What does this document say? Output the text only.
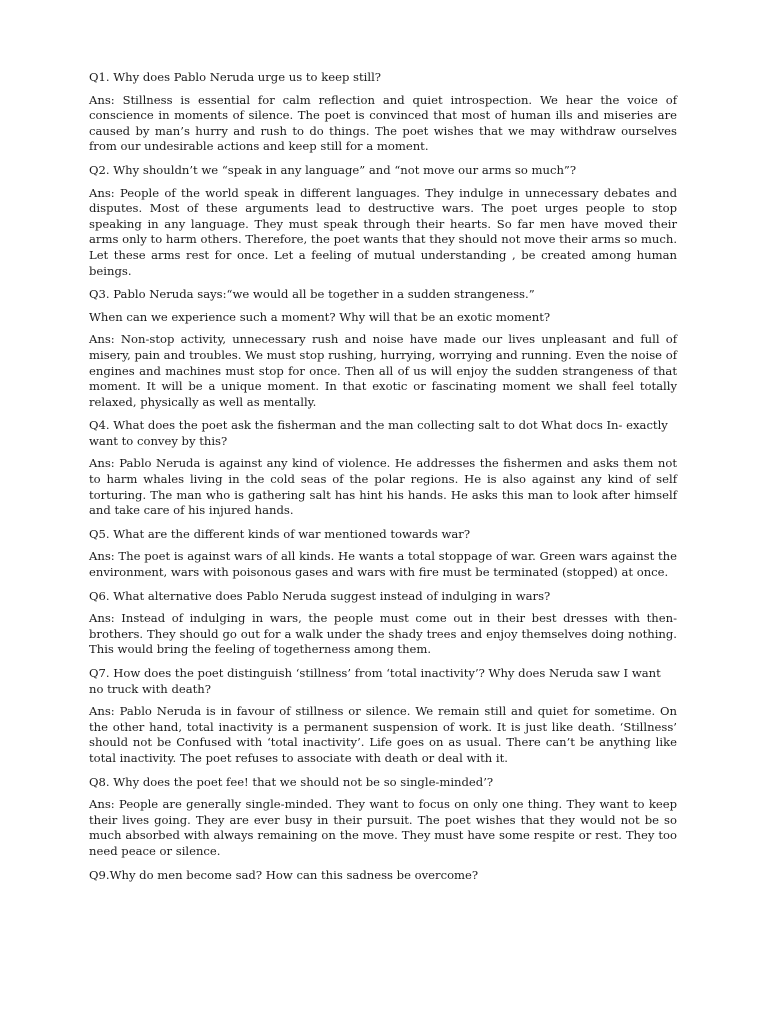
Q1. Why does Pablo Neruda urge us to keep still?

Ans: Stillness is essential for calm reflection and quiet introspection. We hear the voice of conscience in moments of silence. The poet is convinced that most of human ills and miseries are caused by man’s hurry and rush to do things. The poet wishes that we may withdraw ourselves from our undesirable actions and keep still for a moment.

Q2. Why shouldn’t we “speak in any language” and “not move our arms so much”?

Ans: People of the world speak in different languages. They indulge in unnecessary debates and disputes. Most of these arguments lead to destructive wars. The poet urges people to stop speaking in any language. They must speak through their hearts. So far men have moved their arms only to harm others. Therefore, the poet wants that they should not move their arms so much. Let these arms rest for once. Let a feeling of mutual understanding , be created among human beings.

Q3. Pablo Neruda says:“we would all be together in a sudden strangeness.”

When can we experience such a moment? Why will that be an exotic moment?

Ans: Non-stop activity, unnecessary rush and noise have made our lives unpleasant and full of misery, pain and troubles. We must stop rushing, hurrying, worrying and running. Even the noise of engines and machines must stop for once. Then all of us will enjoy the sudden strangeness of that moment. It will be a unique moment. In that exotic or fascinating moment we shall feel totally relaxed, physically as well as mentally.

Q4. What does the poet ask the fisherman and the man collecting salt to dot What docs In- exactly want to convey by this?

Ans: Pablo Neruda is against any kind of violence. He addresses the fishermen and asks them not to harm whales living in the cold seas of the polar regions. He is also against any kind of self torturing. The man who is gathering salt has hint his hands. He asks this man to look after himself and take care of his injured hands.

Q5. What are the different kinds of war mentioned towards war?

Ans: The poet is against wars of all kinds. He wants a total stoppage of war. Green wars against the environment, wars with poisonous gases and wars with fire must be terminated (stopped) at once.

Q6. What alternative does Pablo Neruda suggest instead of indulging in wars?

Ans: Instead of indulging in wars, the people must come out in their best dresses with then- brothers. They should go out for a walk under the shady trees and enjoy themselves doing nothing. This would bring the feeling of togetherness among them.

Q7. How does the poet distinguish ‘stillness’ from ‘total inactivity’? Why does Neruda saw I want no truck with death?

Ans: Pablo Neruda is in favour of stillness or silence. We remain still and quiet for sometime. On the other hand, total inactivity is a permanent suspension of work. It is just like death. ‘Stillness’ should not be Confused with ‘total inactivity’. Life goes on as usual. There can’t be anything like total inactivity. The poet refuses to associate with death or deal with it.

Q8. Why does the poet fee! that we should not be so single-minded’?

Ans: People are generally single-minded. They want to focus on only one thing. They want to keep their lives going. They are ever busy in their pursuit. The poet wishes that they would not be so much absorbed with always remaining on the move. They must have some respite or rest. They too need peace or silence.

Q9.Why do men become sad? How can this sadness be overcome?
